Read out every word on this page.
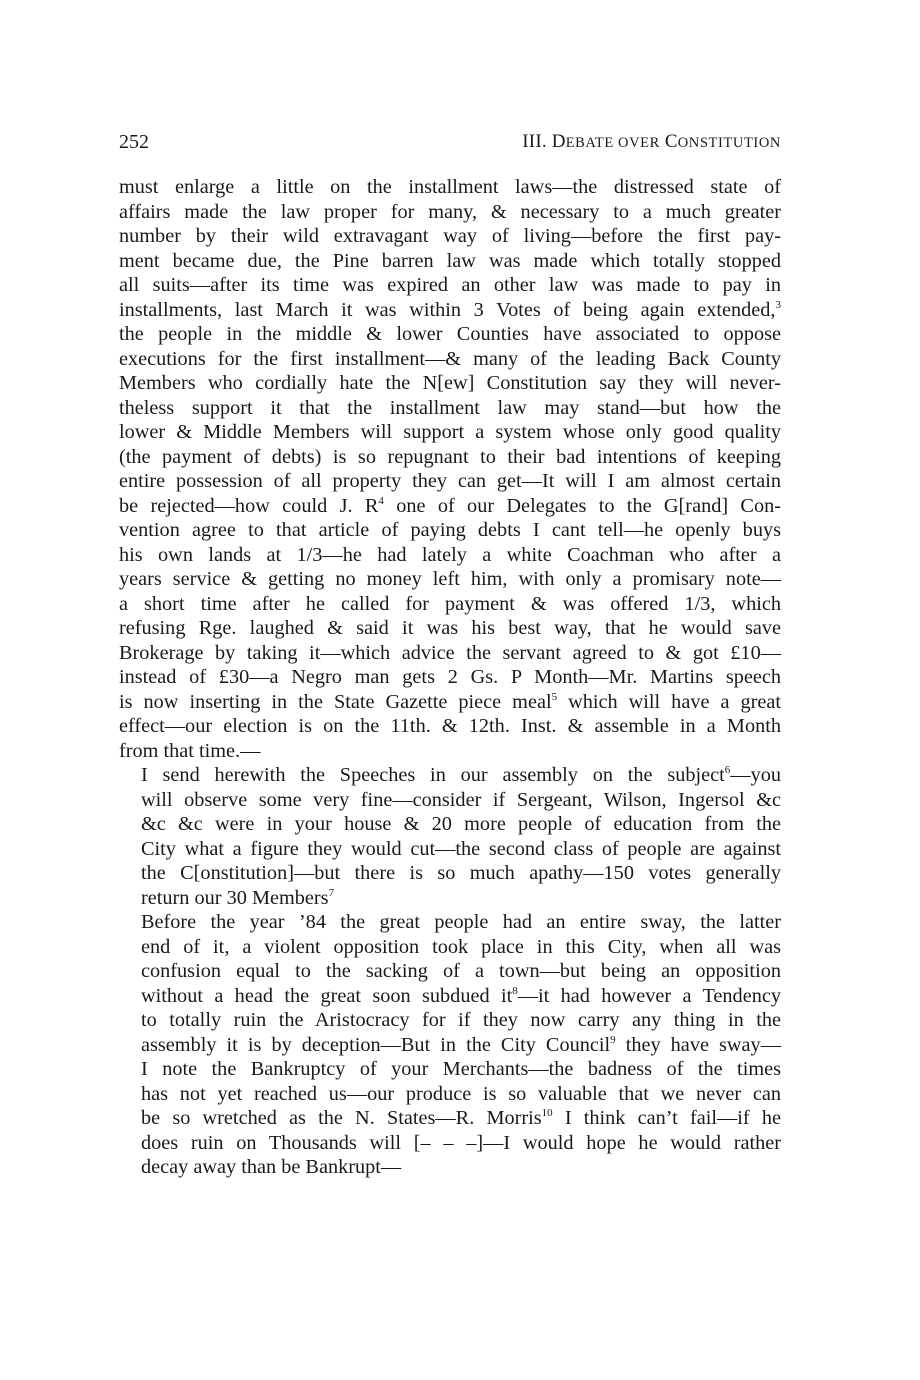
252	III. DEBATE OVER CONSTITUTION

must enlarge a little on the installment laws—the distressed state of
affairs made the law proper for many, & necessary to a much greater
number by their wild extravagant way of living—before the first pay-
ment became due, the Pine barren law was made which totally stopped
all suits—after its time was expired an other law was made to pay in
installments, last March it was within 3 Votes of being again extended,$^3$
the people in the middle & lower Counties have associated to oppose
executions for the first installment—& many of the leading Back County
Members who cordially hate the N[ew] Constitution say they will never-
theless support it that the installment law may stand—but how the
lower & Middle Members will support a system whose only good quality
(the payment of debts) is so repugnant to their bad intentions of keeping
entire possession of all property they can get—It will I am almost certain
be rejected—how could J. $R^4$ one of our Delegates to the G[rand] Con-
vention agree to that article of paying debts I cant tell—he openly buys
his own lands at 1/3—he had lately a white Coachman who after a
years service & getting no money left him, with only a promisary note—
a short time after he called for payment & was offered 1/3, which
refusing Rge. laughed & said it was his best way, that he would save
Brokerage by taking it—which advice the servant agreed to & got £10—
instead of £30—a Negro man gets 2 Gs. P Month—Mr. Martins speech
is now inserting in the State Gazette piece meal$^5$ which will have a great
effect—our election is on the 11th. & 12th. Inst. & assemble in a Month
from that time.—

I send herewith the Speeches in our assembly on the subject$^6$—you
will observe some very fine—consider if Sergeant, Wilson, Ingersol &c
&c &c were in your house & 20 more people of education from the
City what a figure they would cut—the second class of people are against
the C[onstitution]—but there is so much apathy—150 votes generally
return our 30 Members$^7$

Before the year ’84 the great people had an entire sway, the latter
end of it, a violent opposition took place in this City, when all was
confusion equal to the sacking of a town—but being an opposition
without a head the great soon subdued $it^8—it$ had however a Tendency
to totally ruin the Aristocracy for if they now carry any thing in the
assembly it is by deception—But in the City Council$^9$ they have sway—
I note the Bankruptcy of your Merchants—the badness of the times
has not yet reached us—our produce is so valuable that we never can
be so wretched as the N. States—R. Morris$^{10}$ I think can’t fail—if he
does ruin on Thousands will [– – –]—I would hope he would rather
decay away than be Bankrupt—
